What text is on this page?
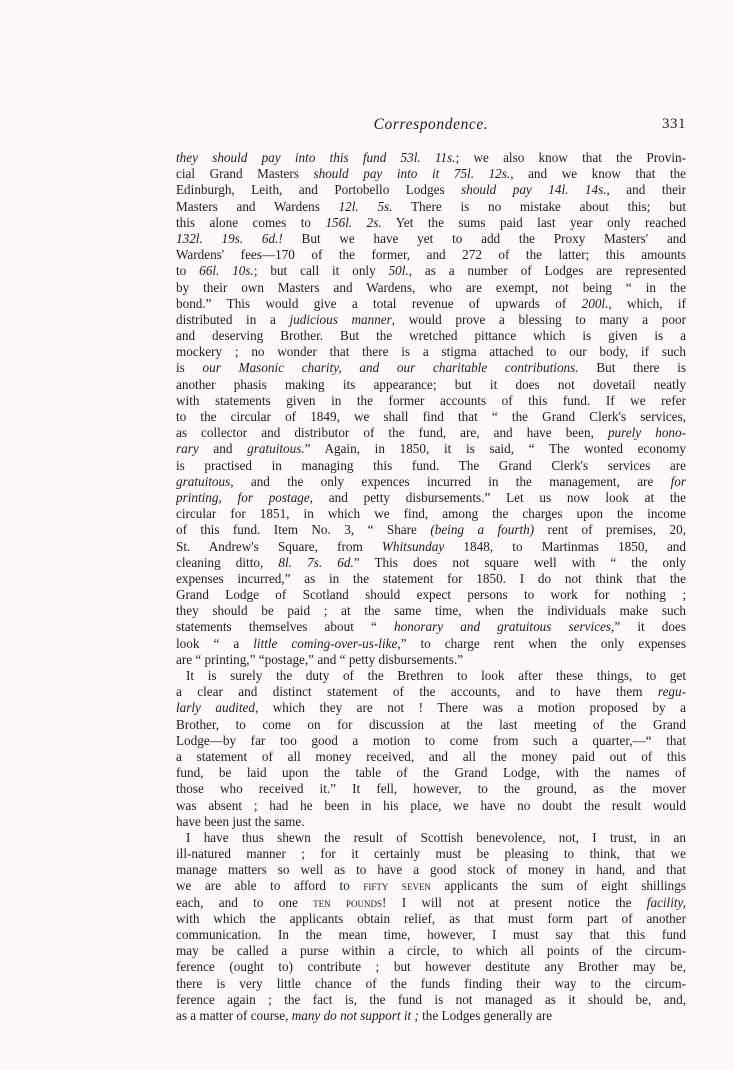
Correspondence.	331
they should pay into this fund 53l. 11s.; we also know that the Provin-
cial Grand Masters should pay into it 75l. 12s., and we know that the
Edinburgh, Leith, and Portobello Lodges should pay 14l. 14s., and their
Masters and Wardens 12l. 5s. There is no mistake about this; but
this alone comes to 156l. 2s. Yet the sums paid last year only reached
132l. 19s. 6d.! But we have yet to add the Proxy Masters' and
Wardens' fees—170 of the former, and 272 of the latter; this amounts
to 66l. 10s.; but call it only 50l., as a number of Lodges are represented
by their own Masters and Wardens, who are exempt, not being “ in the
bond.” This would give a total revenue of upwards of 200l., which, if
distributed in a judicious manner, would prove a blessing to many a poor
and deserving Brother. But the wretched pittance which is given is a
mockery ; no wonder that there is a stigma attached to our body, if such
is our Masonic charity, and our charitable contributions. But there is
another phasis making its appearance; but it does not dovetail neatly
with statements given in the former accounts of this fund. If we refer
to the circular of 1849, we shall find that “ the Grand Clerk's services,
as collector and distributor of the fund, are, and have been, purely hono-
rary and gratuitous.” Again, in 1850, it is said, “ The wonted economy
is practised in managing this fund. The Grand Clerk's services are
gratuitous, and the only expences incurred in the management, are for
printing, for postage, and petty disbursements.” Let us now look at the
circular for 1851, in which we find, among the charges upon the income
of this fund. Item No. 3, “ Share (being a fourth) rent of premises, 20,
St. Andrew's Square, from Whitsunday 1848, to Martinmas 1850, and
cleaning ditto, 8l. 7s. 6d.” This does not square well with “ the only
expenses incurred,” as in the statement for 1850. I do not think that the
Grand Lodge of Scotland should expect persons to work for nothing ;
they should be paid ; at the same time, when the individuals make such
statements themselves about “ honorary and gratuitous services,” it does
look “ a little coming-over-us-like,” to charge rent when the only expenses
are “ printing,” “postage,” and “ petty disbursements.”
It is surely the duty of the Brethren to look after these things, to get
a clear and distinct statement of the accounts, and to have them regu-
larly audited, which they are not ! There was a motion proposed by a
Brother, to come on for discussion at the last meeting of the Grand
Lodge—by far too good a motion to come from such a quarter,—“ that
a statement of all money received, and all the money paid out of this
fund, be laid upon the table of the Grand Lodge, with the names of
those who received it.” It fell, however, to the ground, as the mover
was absent ; had he been in his place, we have no doubt the result would
have been just the same.
I have thus shewn the result of Scottish benevolence, not, I trust, in an
ill-natured manner ; for it certainly must be pleasing to think, that we
manage matters so well as to have a good stock of money in hand, and that
we are able to afford to fifty seven applicants the sum of eight shillings
each, and to one ten pounds! I will not at present notice the facility,
with which the applicants obtain relief, as that must form part of another
communication. In the mean time, however, I must say that this fund
may be called a purse within a circle, to which all points of the circum-
ference (ought to) contribute ; but however destitute any Brother may be,
there is very little chance of the funds finding their way to the circum-
ference again ; the fact is, the fund is not managed as it should be, and,
as a matter of course, many do not support it ; the Lodges generally are
